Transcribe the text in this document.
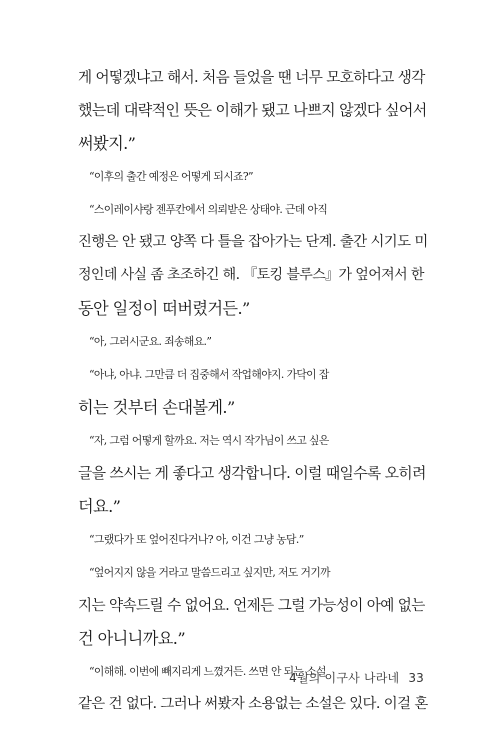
게 어떻겠냐고 해서. 처음 들었을 땐 너무 모호하다고 생각
했는데 대략적인 뜻은 이해가 됐고 나쁘지 않겠다 싶어서
써봤지.”
“이후의 출간 예정은 어떻게 되시죠?”
“스이레이샤랑 젠푸칸에서 의뢰받은 상태야. 근데 아직
진행은 안 됐고 양쪽 다 틀을 잡아가는 단계. 출간 시기도 미
정인데 사실 좀 초조하긴 해. 『토킹 블루스』가 엎어져서 한
동안 일정이 떠버렸거든.”
“아, 그러시군요. 죄송해요.”
“아냐, 아냐. 그만큼 더 집중해서 작업해야지. 가닥이 잡
히는 것부터 손대볼게.”
“자, 그럼 어떻게 할까요. 저는 역시 작가님이 쓰고 싶은
글을 쓰시는 게 좋다고 생각합니다. 이럴 때일수록 오히려
더요.”
“그랬다가 또 엎어진다거나? 아, 이건 그냥 농담.”
“엎어지지 않을 거라고 말씀드리고 싶지만, 저도 거기까
지는 약속드릴 수 없어요. 언제든 그럴 가능성이 아예 없는
건 아니니까요.”
“이해해. 이번에 빼지리게 느꼈거든. 쓰면 안 되는 소설
같은 건 없다. 그러나 써봤자 소용없는 소설은 있다. 이걸 혼
4월의 이구사 나라네 33
